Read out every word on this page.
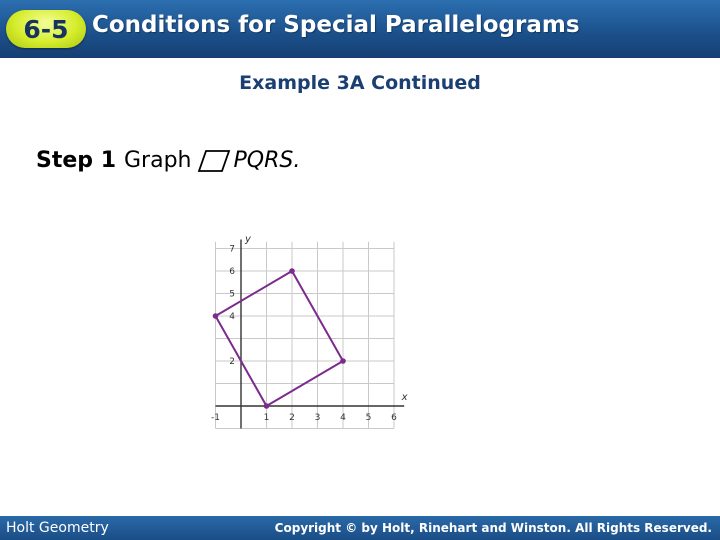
6-5 Conditions for Special Parallelograms
Example 3A Continued
Step 1 Graph PQRS.
-1	1 2 3 4 5 6
2
4
5
6
7
x
y
Holt Geometry	Copyright © by Holt, Rinehart and Winston. All Rights Reserved.
